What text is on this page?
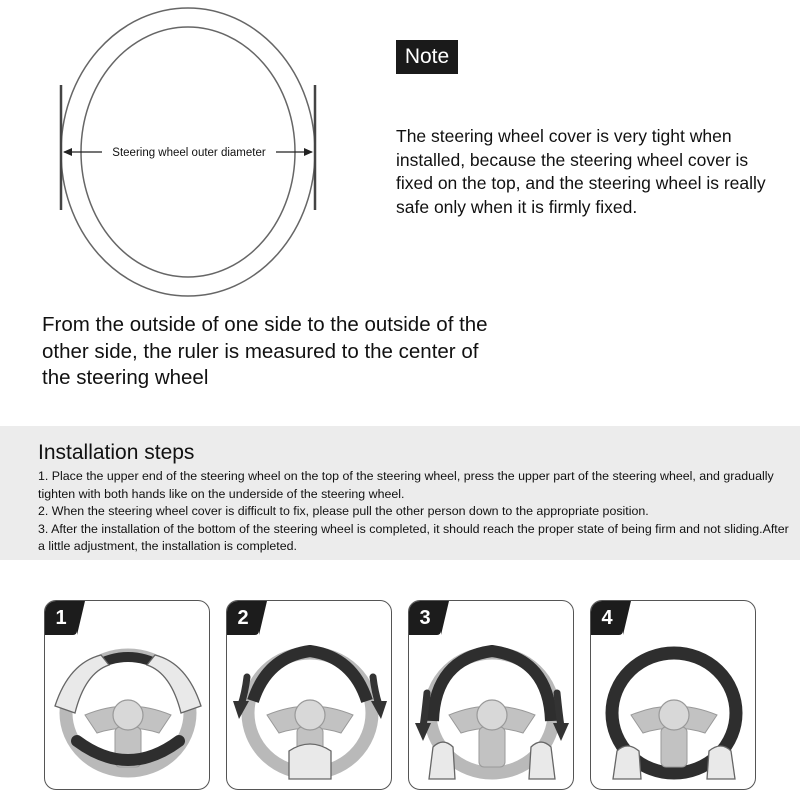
Steering wheel outer diameter
Note

The steering wheel cover is very tight when installed, because the steering wheel cover is fixed on the top, and the steering wheel is really safe only when it is firmly fixed.

From the outside of one side to the outside of the other side, the ruler is measured to the center of the steering wheel

Installation steps
1. Place the upper end of the steering wheel on the top of the steering wheel, press the upper part of the steering wheel, and gradually tighten with both hands like on the underside of the steering wheel.
2. When the steering wheel cover is difficult to fix, please pull the other person down to the appropriate position.
3. After the installation of the bottom of the steering wheel is completed, it should reach the proper state of being firm and not sliding.After a little adjustment, the installation is completed.
1	2	3	4
